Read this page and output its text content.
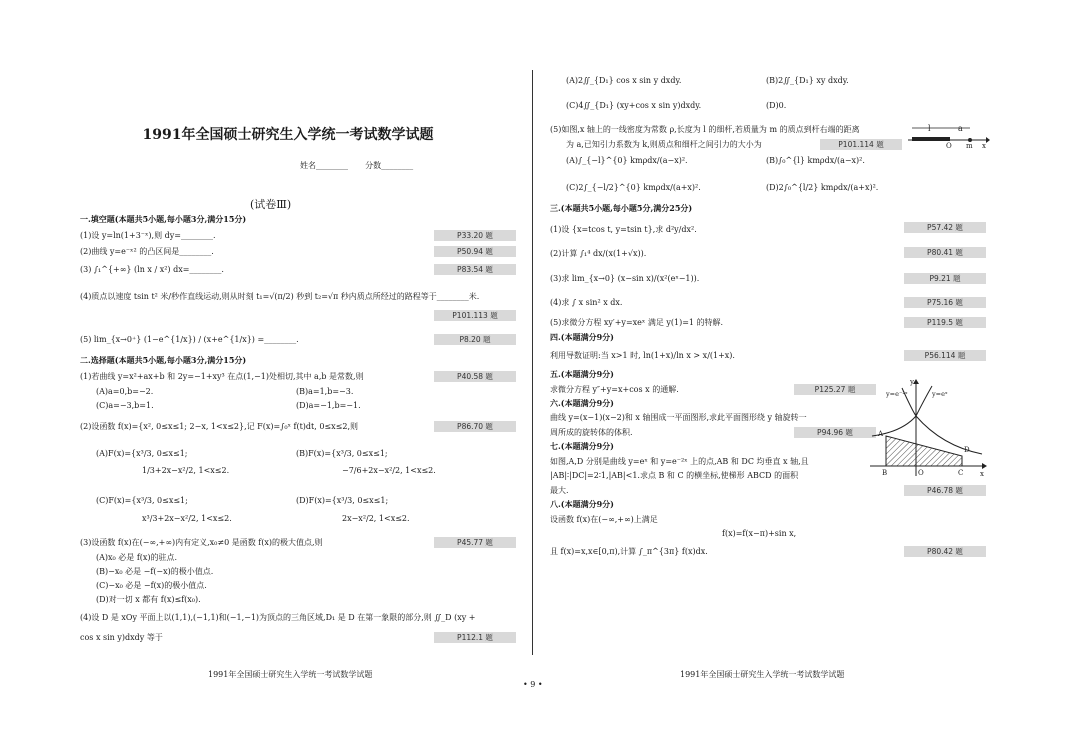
1991年全国硕士研究生入学统一考试数学试题
姓名________ 分数________
(试卷Ⅲ)
一.填空题(本题共5小题,每小题3分,满分15分)
(1)设 y=ln(1+3⁻ˣ),则 dy=________.	P33.20 题
(2)曲线 y=e⁻ˣ² 的凸区间是________.	P50.94 题
(3) ∫₁^{+∞} (ln x / x²) dx=________.	P83.54 题
(4)质点以速度 tsin t² 米/秒作直线运动,则从时刻 t₁=√(π/2) 秒到 t₂=√π 秒内质点所经过的路程等于________米.
P101.113 题
(5) lim_{x→0⁺} (1−e^{1/x}) / (x+e^{1/x}) =________.	P8.20 题
二.选择题(本题共5小题,每小题3分,满分15分)
(1)若曲线 y=x²+ax+b 和 2y=−1+xy³ 在点(1,−1)处相切,其中 a,b 是常数,则	P40.58 题
(A)a=0,b=−2.	(B)a=1,b=−3.
(C)a=−3,b=1.	(D)a=−1,b=−1.
(2)设函数 f(x)={x², 0≤x≤1; 2−x, 1<x≤2},记 F(x)=∫₀ˣ f(t)dt, 0≤x≤2,则	P86.70 题
(A)F(x)={x³/3, 0≤x≤1;
1/3+2x−x²/2, 1<x≤2.
(B)F(x)={x³/3, 0≤x≤1;
−7/6+2x−x²/2, 1<x≤2.
(C)F(x)={x³/3, 0≤x≤1;
x³/3+2x−x²/2, 1<x≤2.
(D)F(x)={x³/3, 0≤x≤1;
2x−x²/2, 1<x≤2.
(3)设函数 f(x)在(−∞,+∞)内有定义,x₀≠0 是函数 f(x)的极大值点,则	P45.77 题
(A)x₀ 必是 f(x)的驻点.
(B)−x₀ 必是 −f(−x)的极小值点.
(C)−x₀ 必是 −f(x)的极小值点.
(D)对一切 x 都有 f(x)≤f(x₀).
(4)设 D 是 xOy 平面上以(1,1),(−1,1)和(−1,−1)为顶点的三角区域,D₁ 是 D 在第一象限的部分,则 ∬_D (xy +
cos x sin y)dxdy 等于	P112.1 题
(A)2∬_{D₁} cos x sin y dxdy.	(B)2∬_{D₁} xy dxdy.
(C)4∬_{D₁} (xy+cos x sin y)dxdy.	(D)0.
(5)如图,x 轴上的一线密度为常数 ρ,长度为 l 的细杆,若质量为 m 的质点到杆右端的距离
为 a,已知引力系数为 k,则质点和细杆之间引力的大小为	P101.114 题
l	a
O m x
(A)∫_{−l}^{0} kmρdx/(a−x)².	(B)∫₀^{l} kmρdx/(a−x)².
(C)2∫_{−l/2}^{0} kmρdx/(a+x)².	(D)2∫₀^{l/2} kmρdx/(a+x)².
三.(本题共5小题,每小题5分,满分25分)
(1)设 {x=tcos t, y=tsin t},求 d²y/dx².	P57.42 题
(2)计算 ∫₁⁴ dx/(x(1+√x)).	P80.41 题
(3)求 lim_{x→0} (x−sin x)/(x²(eˣ−1)).	P9.21 题
(4)求 ∫ x sin² x dx.	P75.16 题
(5)求微分方程 xy′+y=xeˣ 满足 y(1)=1 的特解.	P119.5 题
四.(本题满分9分)
利用导数证明:当 x>1 时, ln(1+x)/ln x > x/(1+x).	P56.114 题
五.(本题满分9分)
求微分方程 y″+y=x+cos x 的通解.	P125.27 题
六.(本题满分9分)
曲线 y=(x−1)(x−2)和 x 轴围成一平面图形,求此平面图形绕 y 轴旋转一
周所成的旋转体的体积.	P94.96 题
七.(本题满分9分)
如图,A,D 分别是曲线 y=eˣ 和 y=e⁻²ˣ 上的点,AB 和 DC 均垂直 x 轴,且
|AB|∶|DC|=2∶1,|AB|<1.求点 B 和 C 的横坐标,使梯形 ABCD 的面积
最大.	P46.78 题
y
x
O
A
B	C
D
y=e⁻²ˣ	y=eˣ
八.(本题满分9分)
设函数 f(x)在(−∞,+∞)上满足
f(x)=f(x−π)+sin x,
且 f(x)=x,x∈[0,π),计算 ∫_π^{3π} f(x)dx.	P80.42 题
1991年全国硕士研究生入学统一考试数学试题	1991年全国硕士研究生入学统一考试数学试题
• 9 •
